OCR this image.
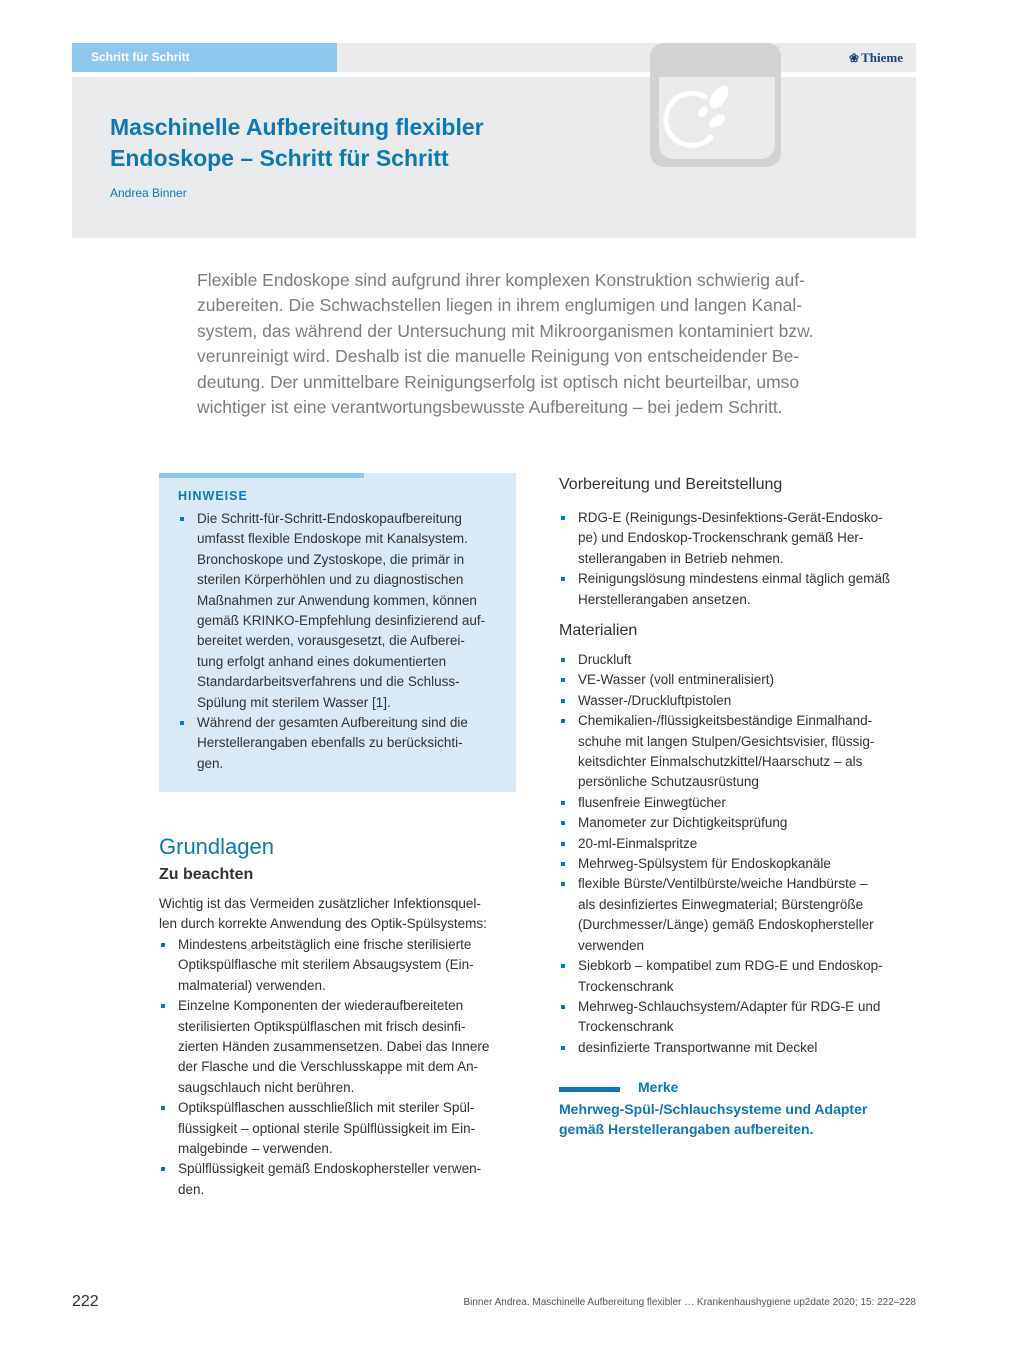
Schritt für Schritt	❀ Thieme
Maschinelle Aufbereitung flexibler
Endoskope – Schritt für Schritt
Andrea Binner

Flexible Endoskope sind aufgrund ihrer komplexen Konstruktion schwierig auf-
zubereiten. Die Schwachstellen liegen in ihrem englumigen und langen Kanal-
system, das während der Untersuchung mit Mikroorganismen kontaminiert bzw.
verunreinigt wird. Deshalb ist die manuelle Reinigung von entscheidender Be-
deutung. Der unmittelbare Reinigungserfolg ist optisch nicht beurteilbar, umso
wichtiger ist eine verantwortungsbewusste Aufbereitung – bei jedem Schritt.

HINWEISE
Die Schritt-für-Schritt-Endoskopaufbereitung
umfasst flexible Endoskope mit Kanalsystem.
Bronchoskope und Zystoskope, die primär in
sterilen Körperhöhlen und zu diagnostischen
Maßnahmen zur Anwendung kommen, können
gemäß KRINKO-Empfehlung desinfizierend auf-
bereitet werden, vorausgesetzt, die Aufberei-
tung erfolgt anhand eines dokumentierten
Standardarbeitsverfahrens und die Schluss-
Spülung mit sterilem Wasser [1].
Während der gesamten Aufbereitung sind die
Herstellerangaben ebenfalls zu berücksichti-
gen.
Grundlagen
Zu beachten
Wichtig ist das Vermeiden zusätzlicher Infektionsquel-
len durch korrekte Anwendung des Optik-Spülsystems:
Mindestens arbeitstäglich eine frische sterilisierte
Optikspülflasche mit sterilem Absaugsystem (Ein-
malmaterial) verwenden.
Einzelne Komponenten der wiederaufbereiteten
sterilisierten Optikspülflaschen mit frisch desinfi-
zierten Händen zusammensetzen. Dabei das Innere
der Flasche und die Verschlusskappe mit dem An-
saugschlauch nicht berühren.
Optikspülflaschen ausschließlich mit steriler Spül-
flüssigkeit – optional sterile Spülflüssigkeit im Ein-
malgebinde – verwenden.
Spülflüssigkeit gemäß Endoskophersteller verwen-
den.
Vorbereitung und Bereitstellung
RDG-E (Reinigungs-Desinfektions-Gerät-Endosko-
pe) und Endoskop-Trockenschrank gemäß Her-
stellerangaben in Betrieb nehmen.
Reinigungslösung mindestens einmal täglich gemäß
Herstellerangaben ansetzen.
Materialien
Druckluft
VE-Wasser (voll entmineralisiert)
Wasser-/Druckluftpistolen
Chemikalien-/flüssigkeitsbeständige Einmalhand-
schuhe mit langen Stulpen/Gesichtsvisier, flüssig-
keitsdichter Einmalschutzkittel/Haarschutz – als
persönliche Schutzausrüstung
flusenfreie Einwegtücher
Manometer zur Dichtigkeitsprüfung
20-ml-Einmalspritze
Mehrweg-Spülsystem für Endoskopkanäle
flexible Bürste/Ventilbürste/weiche Handbürste –
als desinfiziertes Einwegmaterial; Bürstengröße
(Durchmesser/Länge) gemäß Endoskophersteller
verwenden
Siebkorb – kompatibel zum RDG-E und Endoskop-
Trockenschrank
Mehrweg-Schlauchsystem/Adapter für RDG-E und
Trockenschrank
desinfizierte Transportwanne mit Deckel
Merke
Mehrweg-Spül-/Schlauchsysteme und Adapter
gemäß Herstellerangaben aufbereiten.
222	Binner Andrea. Maschinelle Aufbereitung flexibler … Krankenhaushygiene up2date 2020; 15: 222–228
